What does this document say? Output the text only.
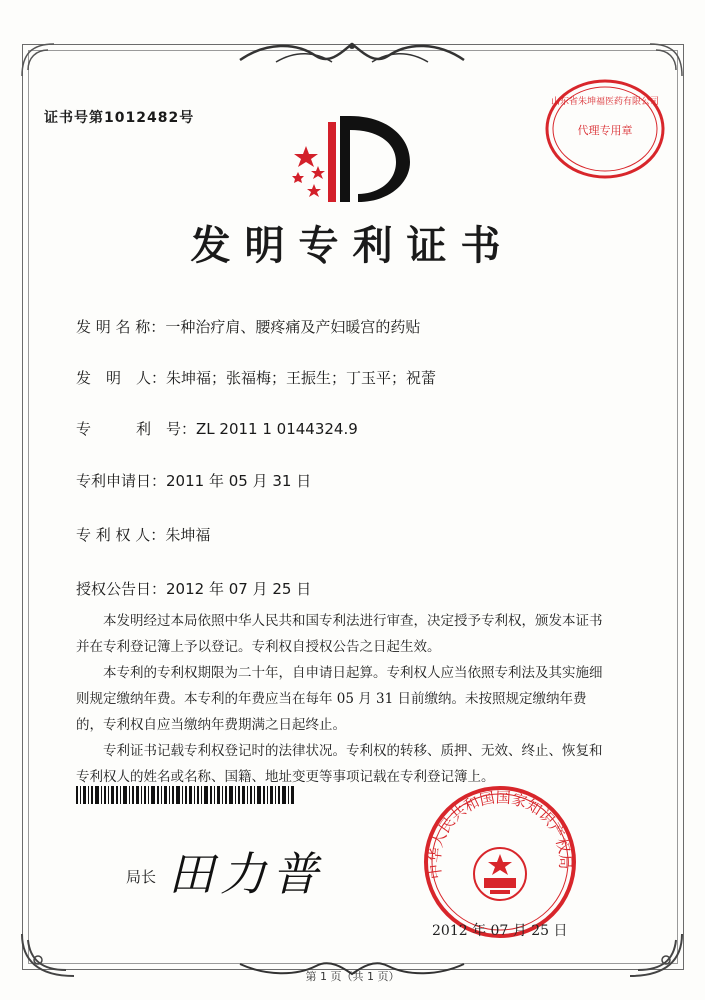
证书号第1012482号
山东省朱坤福医药有限公司
代理专用章
发明专利证书
发 明 名 称：一种治疗肩、腰疼痛及产妇暖宫的药贴
发　明　人：朱坤福；张福梅；王振生；丁玉平；祝蕾
专　　　利　号：ZL 2011 1 0144324.9
专利申请日：2011 年 05 月 31 日
专 利 权 人：朱坤福
授权公告日：2012 年 07 月 25 日

本发明经过本局依照中华人民共和国专利法进行审查，决定授予专利权，颁发本证书并在专利登记簿上予以登记。专利权自授权公告之日起生效。

本专利的专利权期限为二十年，自申请日起算。专利权人应当依照专利法及其实施细则规定缴纳年费。本专利的年费应当在每年 05 月 31 日前缴纳。未按照规定缴纳年费的，专利权自应当缴纳年费期满之日起终止。

专利证书记载专利权登记时的法律状况。专利权的转移、质押、无效、终止、恢复和专利权人的姓名或名称、国籍、地址变更等事项记载在专利登记簿上。

局长 田力普	中华人民共和国国家知识产权局
2012 年 07 月 25 日
第 1 页（共 1 页）
